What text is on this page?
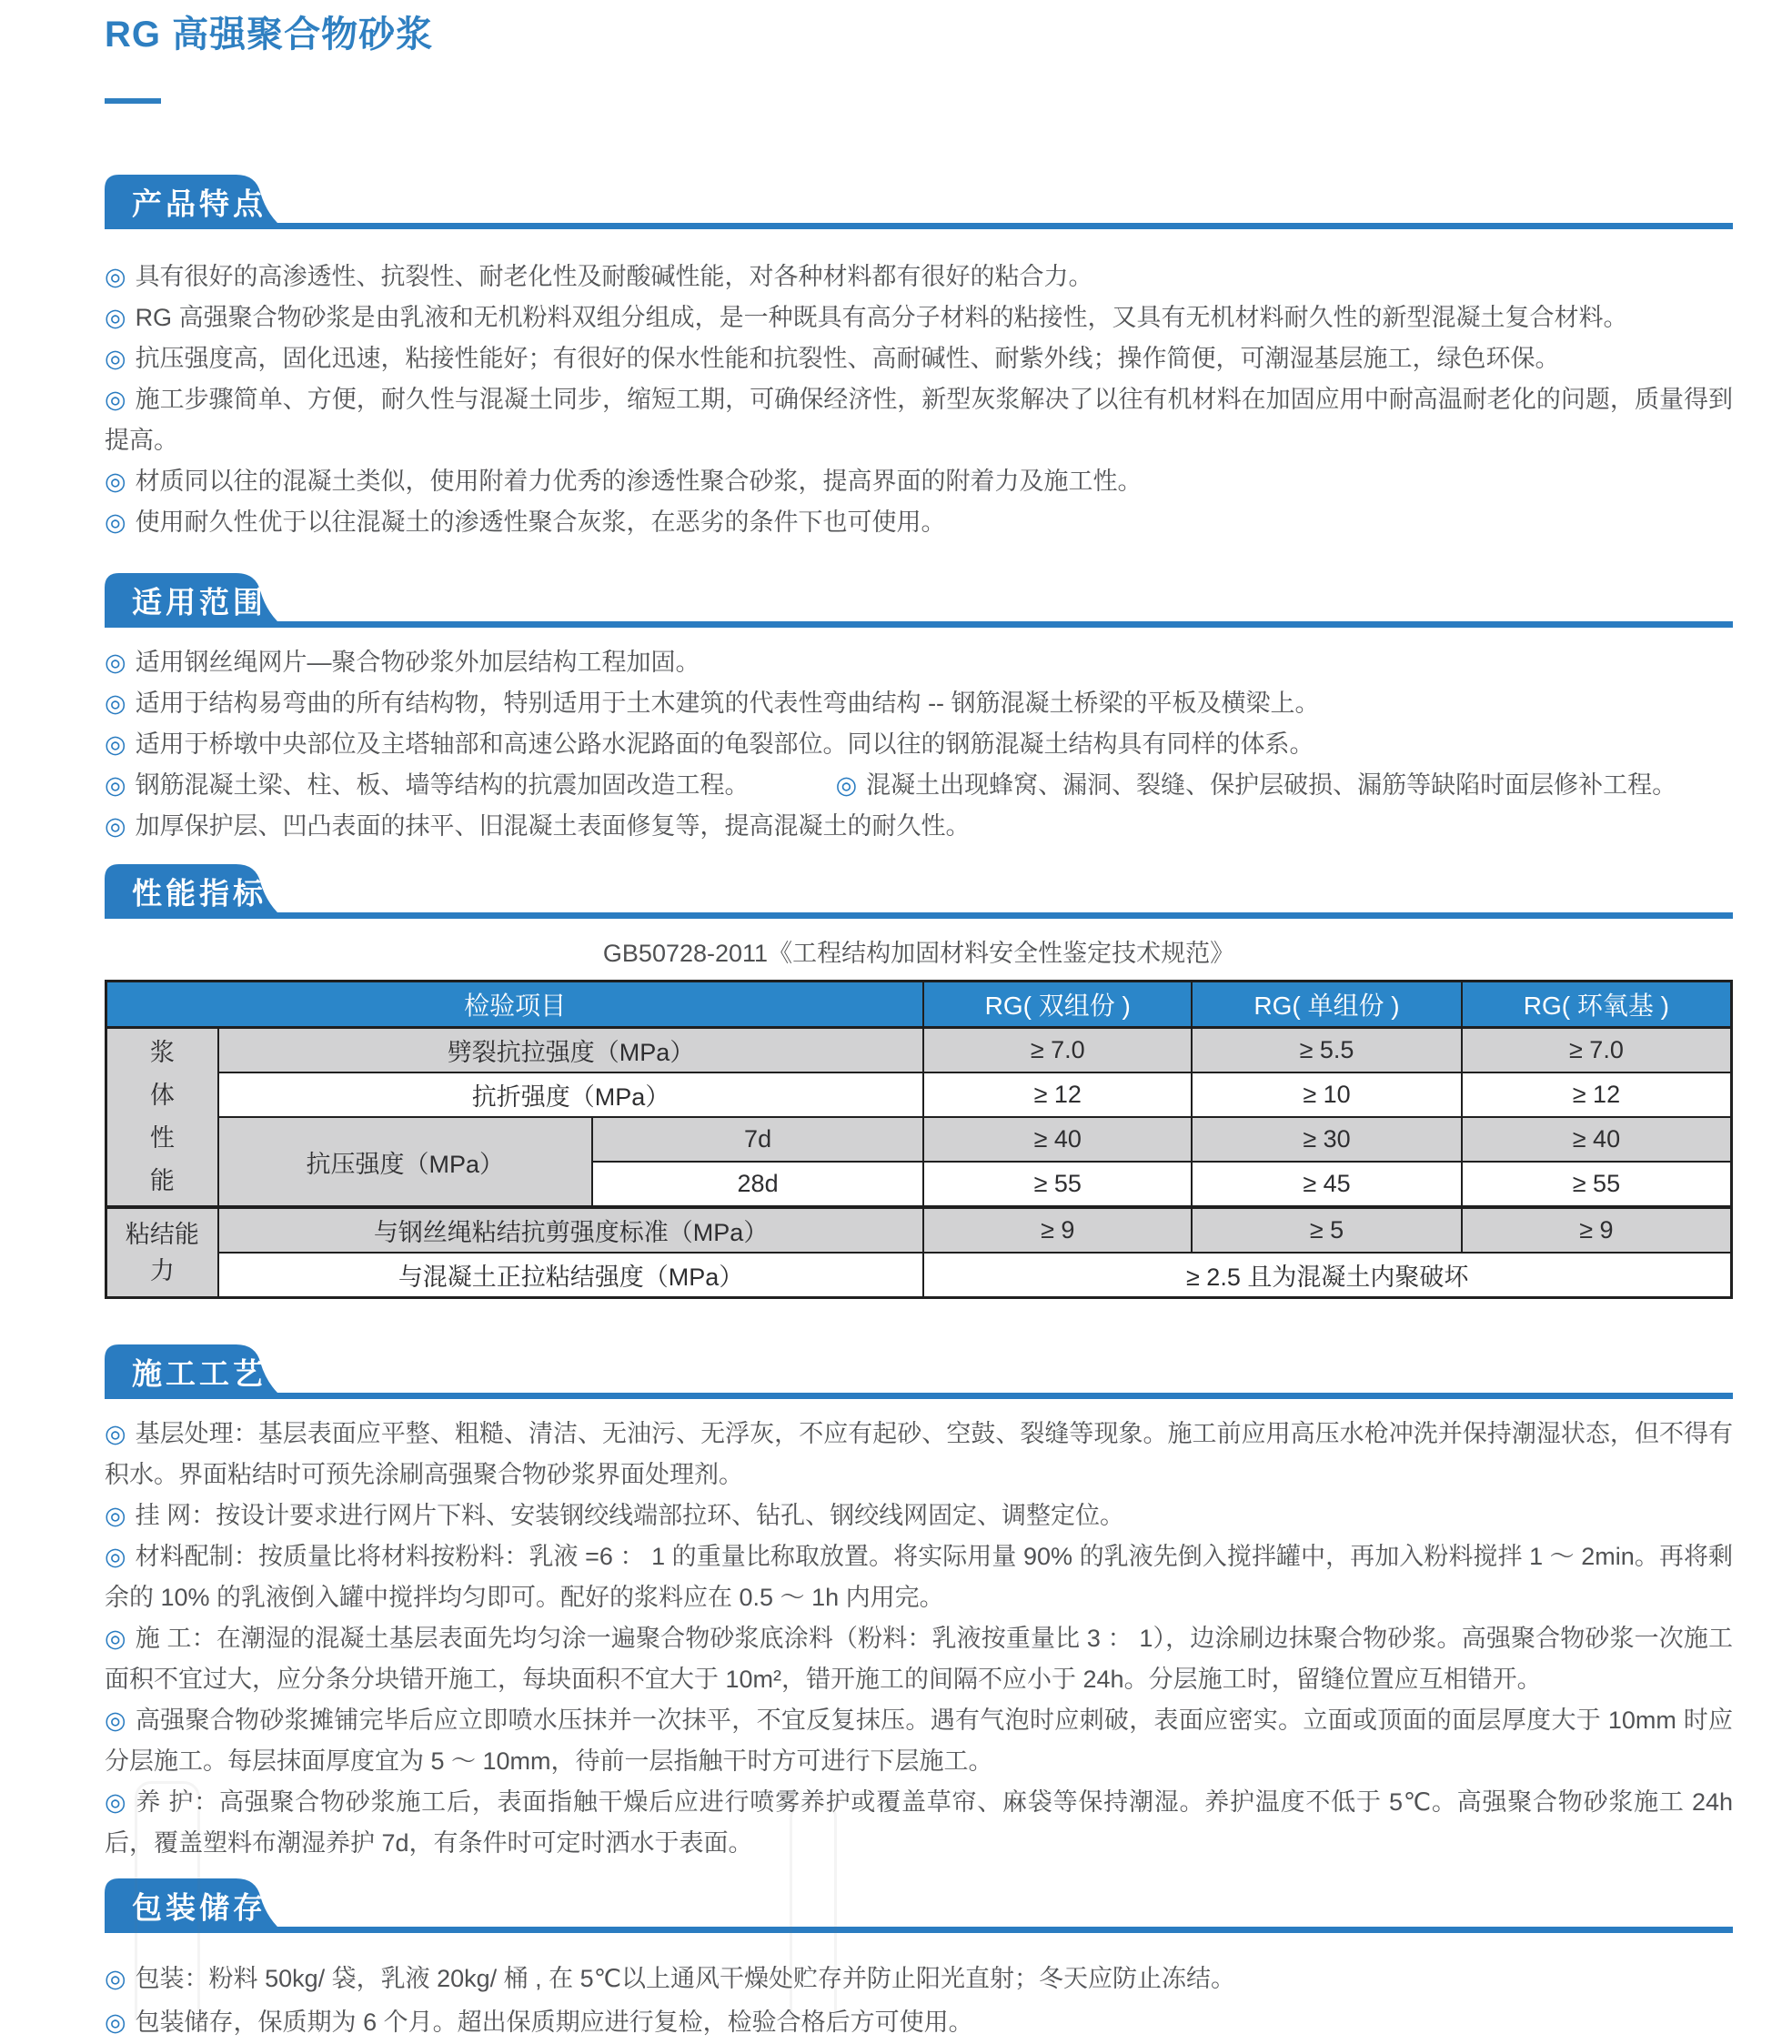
RG 高强聚合物砂浆
产品特点
◎ 具有很好的高渗透性、抗裂性、耐老化性及耐酸碱性能，对各种材料都有很好的粘合力。
◎ RG 高强聚合物砂浆是由乳液和无机粉料双组分组成，是一种既具有高分子材料的粘接性，又具有无机材料耐久性的新型混凝土复合材料。
◎ 抗压强度高，固化迅速，粘接性能好；有很好的保水性能和抗裂性、高耐碱性、耐紫外线；操作简便，可潮湿基层施工，绿色环保。
◎ 施工步骤简单、方便，耐久性与混凝土同步，缩短工期，可确保经济性，新型灰浆解决了以往有机材料在加固应用中耐高温耐老化的问题，质量得到提高。
◎ 材质同以往的混凝土类似，使用附着力优秀的渗透性聚合砂浆，提高界面的附着力及施工性。
◎ 使用耐久性优于以往混凝土的渗透性聚合灰浆，在恶劣的条件下也可使用。
适用范围
◎ 适用钢丝绳网片—聚合物砂浆外加层结构工程加固。
◎ 适用于结构易弯曲的所有结构物，特别适用于土木建筑的代表性弯曲结构 -- 钢筋混凝土桥梁的平板及横梁上。
◎ 适用于桥墩中央部位及主塔轴部和高速公路水泥路面的龟裂部位。同以往的钢筋混凝土结构具有同样的体系。
◎ 钢筋混凝土梁、柱、板、墙等结构的抗震加固改造工程。	◎ 混凝土出现蜂窝、漏洞、裂缝、保护层破损、漏筋等缺陷时面层修补工程。
◎ 加厚保护层、凹凸表面的抹平、旧混凝土表面修复等，提高混凝土的耐久性。
性能指标
GB50728-2011《工程结构加固材料安全性鉴定技术规范》
检验项目			RG( 双组份 )	RG( 单组份 )	RG( 环氧基 )
浆体性能	劈裂抗拉强度（MPa）		≥ 7.0	≥ 5.5	≥ 7.0
	抗折强度（MPa）		≥ 12	≥ 10	≥ 12
	抗压强度（MPa）	7d	≥ 40	≥ 30	≥ 40
		28d	≥ 55	≥ 45	≥ 55
粘结能力	与钢丝绳粘结抗剪强度标准（MPa）		≥ 9	≥ 5	≥ 9
	与混凝土正拉粘结强度（MPa）		≥ 2.5 且为混凝土内聚破坏		
施工工艺
◎ 基层处理：基层表面应平整、粗糙、清洁、无油污、无浮灰，不应有起砂、空鼓、裂缝等现象。施工前应用高压水枪冲洗并保持潮湿状态，但不得有积水。界面粘结时可预先涂刷高强聚合物砂浆界面处理剂。
◎ 挂 网：按设计要求进行网片下料、安装钢绞线端部拉环、钻孔、钢绞线网固定、调整定位。
◎ 材料配制：按质量比将材料按粉料：乳液 =6 ： 1 的重量比称取放置。将实际用量 90% 的乳液先倒入搅拌罐中，再加入粉料搅拌 1 ～ 2min。再将剩余的 10% 的乳液倒入罐中搅拌均匀即可。配好的浆料应在 0.5 ～ 1h 内用完。
◎ 施 工：在潮湿的混凝土基层表面先均匀涂一遍聚合物砂浆底涂料（粉料：乳液按重量比 3 ： 1），边涂刷边抹聚合物砂浆。高强聚合物砂浆一次施工面积不宜过大，应分条分块错开施工，每块面积不宜大于 10m²，错开施工的间隔不应小于 24h。分层施工时，留缝位置应互相错开。
◎ 高强聚合物砂浆摊铺完毕后应立即喷水压抹并一次抹平，不宜反复抹压。遇有气泡时应刺破，表面应密实。立面或顶面的面层厚度大于 10mm 时应分层施工。每层抹面厚度宜为 5 ～ 10mm，待前一层指触干时方可进行下层施工。
◎ 养 护：高强聚合物砂浆施工后，表面指触干燥后应进行喷雾养护或覆盖草帘、麻袋等保持潮湿。养护温度不低于 5℃。高强聚合物砂浆施工 24h 后，覆盖塑料布潮湿养护 7d，有条件时可定时洒水于表面。
包装储存
◎ 包装：粉料 50kg/ 袋，乳液 20kg/ 桶 , 在 5℃以上通风干燥处贮存并防止阳光直射；冬天应防止冻结。
◎ 包装储存，保质期为 6 个月。超出保质期应进行复检，检验合格后方可使用。
